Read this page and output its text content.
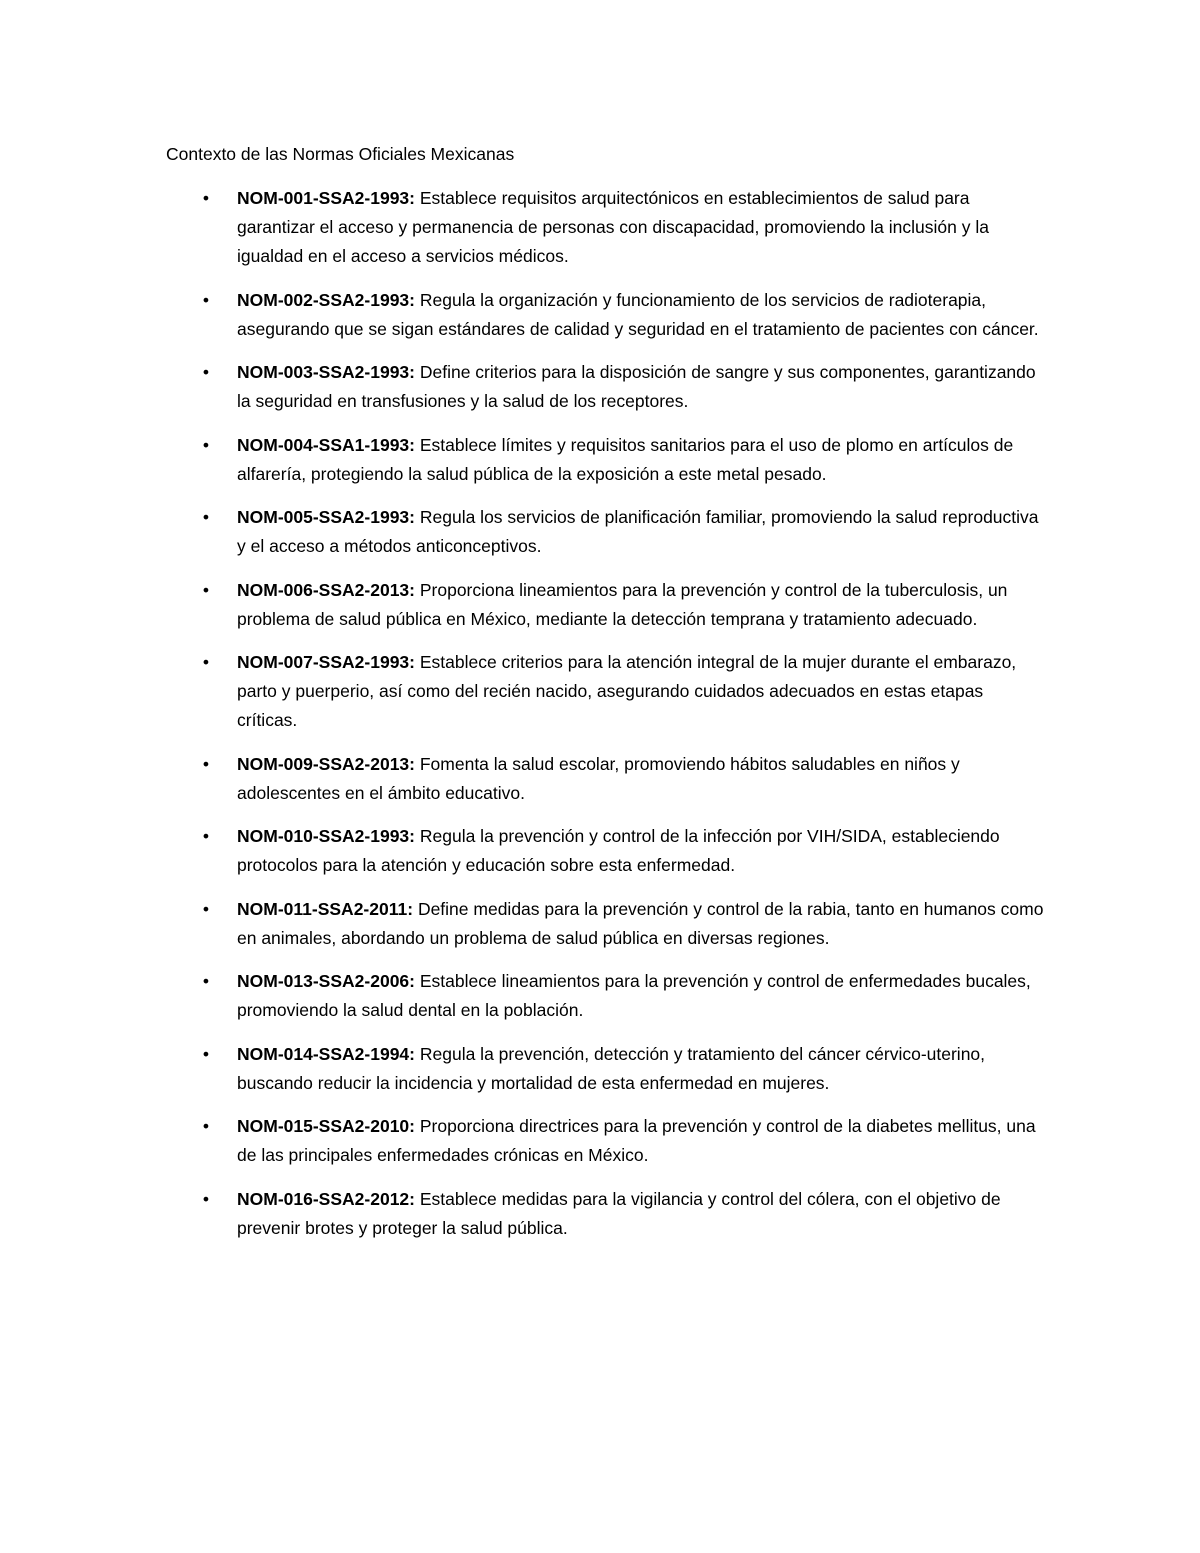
Contexto de las Normas Oficiales Mexicanas

• NOM-001-SSA2-1993: Establece requisitos arquitectónicos en establecimientos de salud para garantizar el acceso y permanencia de personas con discapacidad, promoviendo la inclusión y la igualdad en el acceso a servicios médicos.
• NOM-002-SSA2-1993: Regula la organización y funcionamiento de los servicios de radioterapia, asegurando que se sigan estándares de calidad y seguridad en el tratamiento de pacientes con cáncer.
• NOM-003-SSA2-1993: Define criterios para la disposición de sangre y sus componentes, garantizando la seguridad en transfusiones y la salud de los receptores.
• NOM-004-SSA1-1993: Establece límites y requisitos sanitarios para el uso de plomo en artículos de alfarería, protegiendo la salud pública de la exposición a este metal pesado.
• NOM-005-SSA2-1993: Regula los servicios de planificación familiar, promoviendo la salud reproductiva y el acceso a métodos anticonceptivos.
• NOM-006-SSA2-2013: Proporciona lineamientos para la prevención y control de la tuberculosis, un problema de salud pública en México, mediante la detección temprana y tratamiento adecuado.
• NOM-007-SSA2-1993: Establece criterios para la atención integral de la mujer durante el embarazo, parto y puerperio, así como del recién nacido, asegurando cuidados adecuados en estas etapas críticas.
• NOM-009-SSA2-2013: Fomenta la salud escolar, promoviendo hábitos saludables en niños y adolescentes en el ámbito educativo.
• NOM-010-SSA2-1993: Regula la prevención y control de la infección por VIH/SIDA, estableciendo protocolos para la atención y educación sobre esta enfermedad.
• NOM-011-SSA2-2011: Define medidas para la prevención y control de la rabia, tanto en humanos como en animales, abordando un problema de salud pública en diversas regiones.
• NOM-013-SSA2-2006: Establece lineamientos para la prevención y control de enfermedades bucales, promoviendo la salud dental en la población.
• NOM-014-SSA2-1994: Regula la prevención, detección y tratamiento del cáncer cérvico-uterino, buscando reducir la incidencia y mortalidad de esta enfermedad en mujeres.
• NOM-015-SSA2-2010: Proporciona directrices para la prevención y control de la diabetes mellitus, una de las principales enfermedades crónicas en México.
• NOM-016-SSA2-2012: Establece medidas para la vigilancia y control del cólera, con el objetivo de prevenir brotes y proteger la salud pública.
